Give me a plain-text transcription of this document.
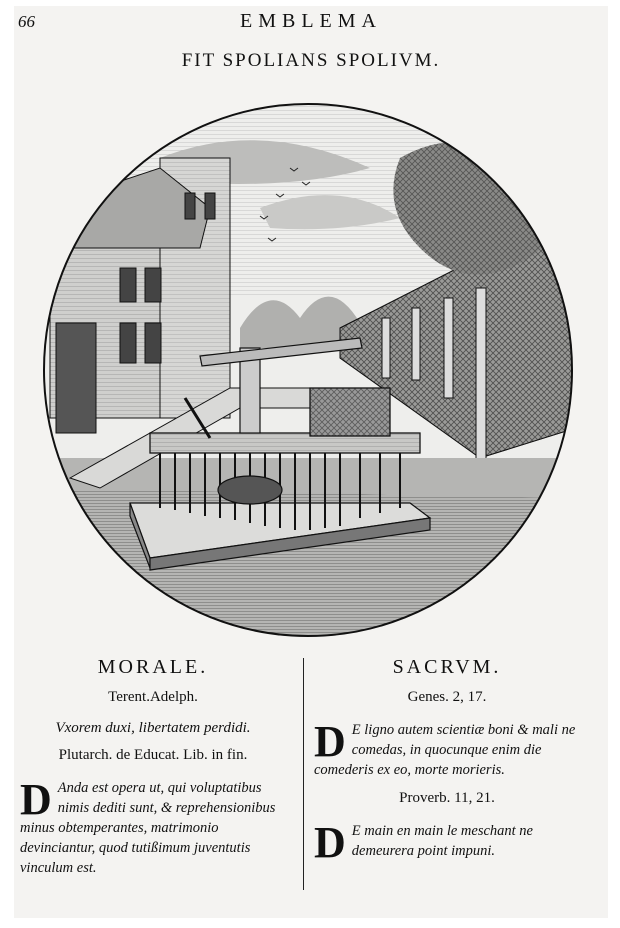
66	EMBLEMA
FIT SPOLIANS SPOLIVM.
MORALE.
Terent.Adelph.
Vxorem duxi, libertatem perdidi.
Plutarch. de Educat. Lib. in fin.
D Anda est opera ut, qui voluptatibus nimis dediti sunt, & reprehensionibus minus obtemperantes, matrimonio devinciantur, quod tutißimum juventutis vinculum est.
SACRVM.
Genes. 2, 17.
D E ligno autem scientiæ boni & mali ne comedas, in quocunque enim die comederis ex eo, morte morieris.
Proverb. 11, 21.
D E main en main le meschant ne demeurera point impuni.
